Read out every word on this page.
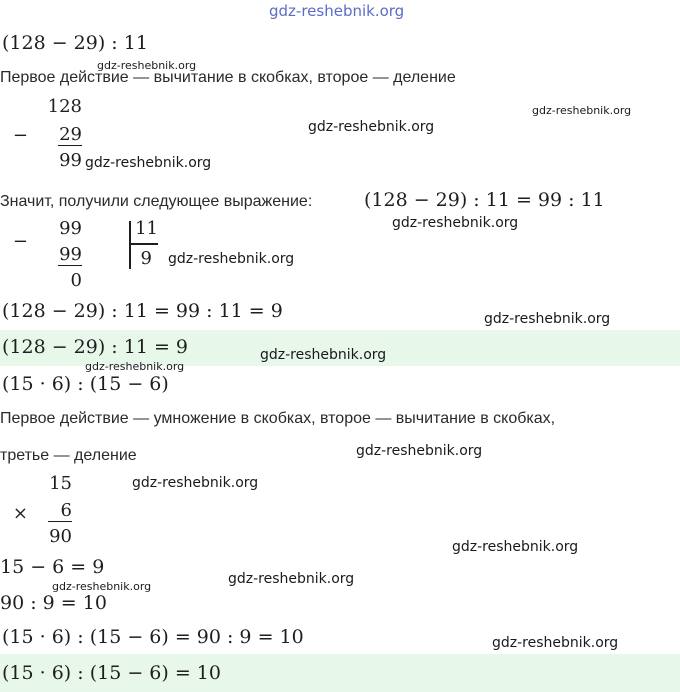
gdz-reshebnik.org
(128 − 29) : 11
gdz-reshebnik.org
Первое действие — вычитание в скобках, второе — деление
128
− 29
99 gdz-reshebnik.org
gdz-reshebnik.org
gdz-reshebnik.org
Значит, получили следующее выражение:	(128 − 29) : 11 = 99 : 11
−
99
99
0
11
9
gdz-reshebnik.org
gdz-reshebnik.org
(128 − 29) : 11 = 99 : 11 = 9	gdz-reshebnik.org
(128 − 29) : 11 = 9	gdz-reshebnik.org
gdz-reshebnik.org
(15 · 6) : (15 − 6)
Первое действие — умножение в скобках, второе — вычитание в скобках,
третье — деление	gdz-reshebnik.org
15
×	6
90
gdz-reshebnik.org
gdz-reshebnik.org
15 − 6 = 9
gdz-reshebnik.org
gdz-reshebnik.org
90 : 9 = 10
(15 · 6) : (15 − 6) = 90 : 9 = 10	gdz-reshebnik.org
(15 · 6) : (15 − 6) = 10
